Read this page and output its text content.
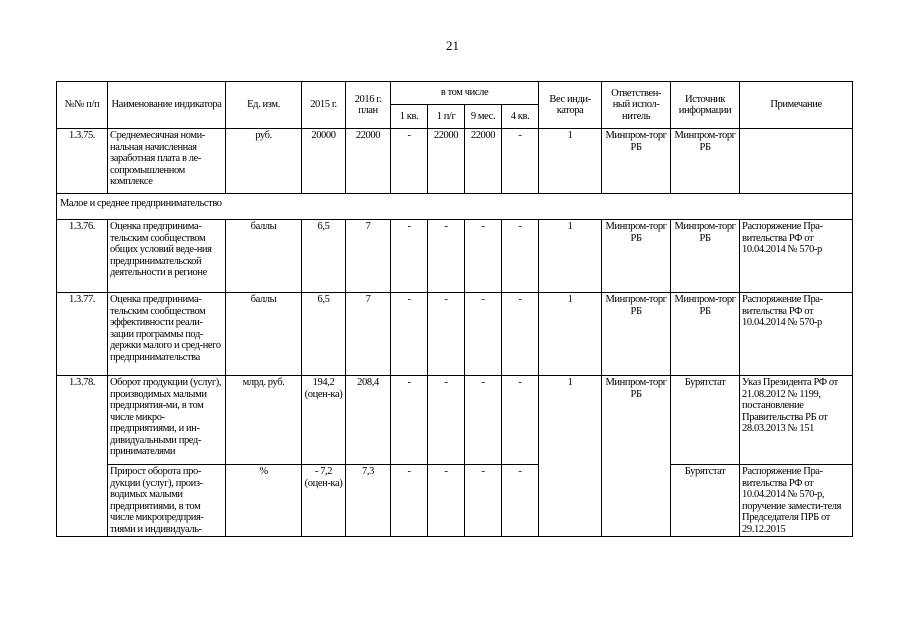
21
№№ п/п	Наименование индикатора	Ед. изм.	2015 г.	2016 г. план	в том числе				Вес инди-катора	Ответствен-ный испол-нитель	Источник информации	Примечание
					1 кв.	1 п/г	9 мес.	4 кв.				
1.3.75.	Среднемесячная номи-нальная начисленная заработная плата в ле-сопромышленном комплексе	руб.	20000	22000	-	22000	22000	-	1	Минпром-торг РБ	Минпром-торг РБ	
Малое и среднее предпринимательство												
1.3.76.	Оценка предпринима-тельским сообществом общих условий веде-ния предпринимательской деятельности в регионе	баллы	6,5	7	-	-	-	-	1	Минпром-торг РБ	Минпром-торг РБ	Распоряжение Пра-вительства РФ от 10.04.2014 № 570-р
1.3.77.	Оценка предпринима-тельским сообществом эффективности реали-зации программы под-держки малого и сред-него предпринимательства	баллы	6,5	7	-	-	-	-	1	Минпром-торг РБ	Минпром-торг РБ	Распоряжение Пра-вительства РФ от 10.04.2014 № 570-р
1.3.78.	Оборот продукции (услуг), производимых малыми предприятия-ми, в том числе микро-предприятиями, и ин-дивидуальными пред-принимателями	млрд. руб.	194,2 (оцен-ка)	208,4	-	-	-	-	1	Минпром-торг РБ	Бурятстат	Указ Президента РФ от 21.08.2012 № 1199, постановление Правительства РБ от 28.03.2013 № 151
	Прирост оборота про-дукции (услуг), произ-водимых малыми предприятиями, в том числе микропредприя-тиями и индивидуаль-	%	- 7,2 (оцен-ка)	7,3	-	-	-	-			Бурятстат	Распоряжение Пра-вительства РФ от 10.04.2014 № 570-р, поручение замести-теля Председателя ПРБ от 29.12.2015
